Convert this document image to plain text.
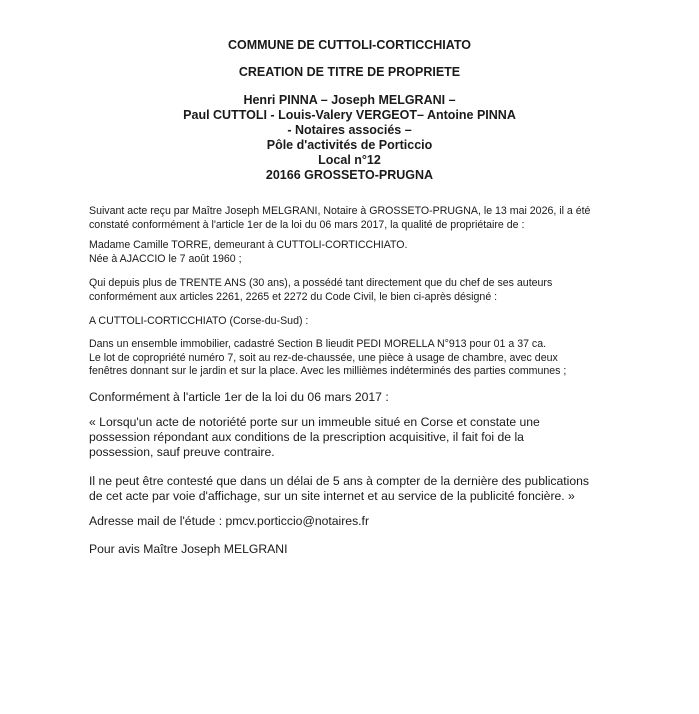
COMMUNE DE CUTTOLI-CORTICCHIATO
CREATION DE TITRE DE PROPRIETE
Henri PINNA – Joseph MELGRANI –
Paul CUTTOLI - Louis-Valery VERGEOT– Antoine PINNA
- Notaires associés –
Pôle d'activités de Porticcio
Local n°12
20166 GROSSETO-PRUGNA
Suivant acte reçu par Maître Joseph MELGRANI, Notaire à GROSSETO-PRUGNA, le 13 mai 2026, il a été
constaté conformément à l'article 1er de la loi du 06 mars 2017, la qualité de propriétaire de :
Madame Camille TORRE, demeurant à CUTTOLI-CORTICCHIATO.
Née à AJACCIO le 7 août 1960 ;
Qui depuis plus de TRENTE ANS (30 ans), a possédé tant directement que du chef de ses auteurs
conformément aux articles 2261, 2265 et 2272 du Code Civil, le bien ci-après désigné :
A CUTTOLI-CORTICCHIATO (Corse-du-Sud) :
Dans un ensemble immobilier, cadastré Section B lieudit PEDI MORELLA N°913 pour 01 a 37 ca.
Le lot de copropriété numéro 7, soit au rez-de-chaussée, une pièce à usage de chambre, avec deux
fenêtres donnant sur le jardin et sur la place. Avec les millièmes indéterminés des parties communes ;
Conformément à l'article 1er de la loi du 06 mars 2017 :
« Lorsqu'un acte de notoriété porte sur un immeuble situé en Corse et constate une
possession répondant aux conditions de la prescription acquisitive, il fait foi de la
possession, sauf preuve contraire.
Il ne peut être contesté que dans un délai de 5 ans à compter de la dernière des publications
de cet acte par voie d'affichage, sur un site internet et au service de la publicité foncière. »
Adresse mail de l'étude : pmcv.porticcio@notaires.fr
Pour avis Maître Joseph MELGRANI
